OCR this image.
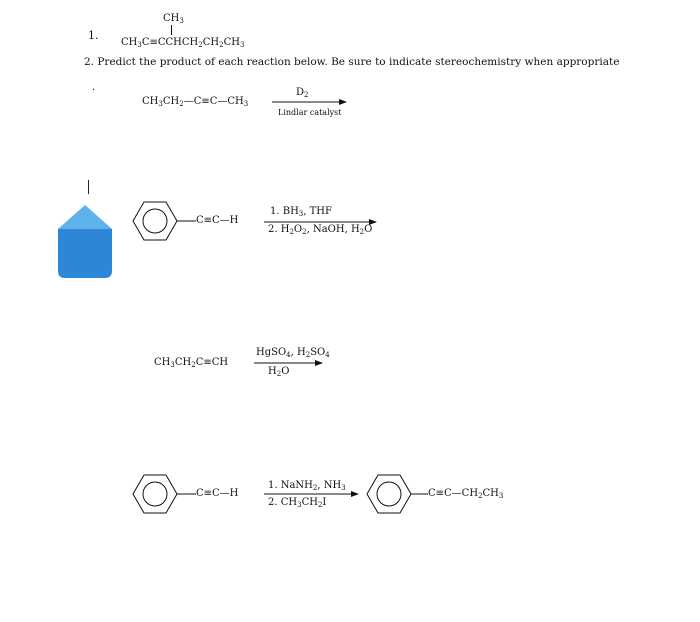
1.
$CH_3$
$CH_3C\equiv CCHCH_2CH_2CH_3$
2. Predict the product of each reaction below. Be sure to indicate stereochemistry when appropriate
.
$CH_3CH_2—C\equiv C—CH_3$
$D_2$
Lindlar catalyst
C≡C—H
1. $BH_3$, THF
2. $H_2O_2$, NaOH, $H_2O$
$CH_3CH_2C\equiv CH$
HgSO$_4$, $H_2SO_4$
$H_2O$
C≡C—H
1. NaNH$_2$, $NH_3$
2. $CH_3CH_2I$
$C\equiv C—CH_2CH_3$
